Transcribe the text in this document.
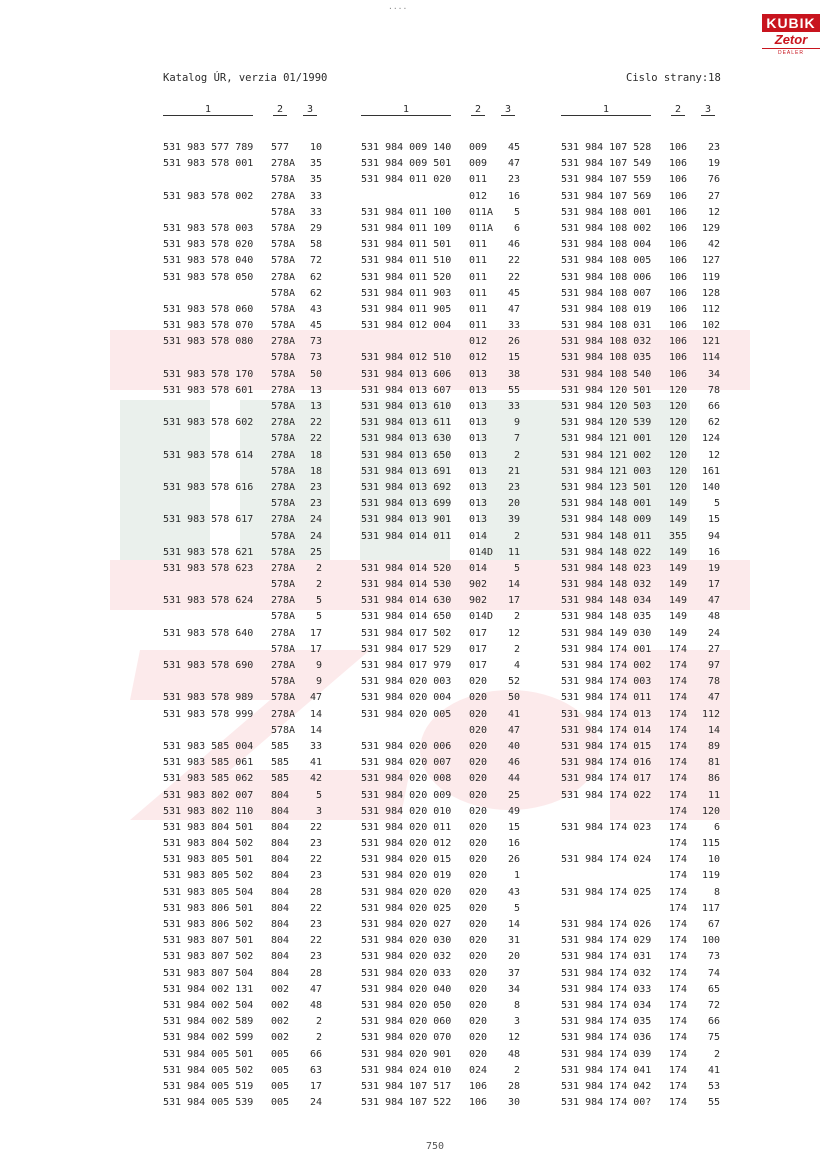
....
KUBIK
Zetor
DEALER
Katalog ÚR, verzia 01/1990	Cislo strany:18
1	2	3
531 983 577 789 577	10
531 983 578 001 278A	35
578A	35
531 983 578 002 278A	33
578A	33
531 983 578 003 578A	29
531 983 578 020 578A	58
531 983 578 040 578A	72
531 983 578 050 278A	62
578A	62
531 983 578 060 578A	43
531 983 578 070 578A	45
531 983 578 080 278A	73
578A	73
531 983 578 170 578A	50
531 983 578 601 278A	13
578A	13
531 983 578 602 278A	22
578A	22
531 983 578 614 278A	18
578A	18
531 983 578 616 278A	23
578A	23
531 983 578 617 278A	24
578A	24
531 983 578 621 578A	25
531 983 578 623 278A	2
578A	2
531 983 578 624 278A	5
578A	5
531 983 578 640 278A	17
578A	17
531 983 578 690 278A	9
578A	9
531 983 578 989 578A	47
531 983 578 999 278A	14
578A	14
531 983 585 004 585	33
531 983 585 061 585	41
531 983 585 062 585	42
531 983 802 007 804	5
531 983 802 110 804	3
531 983 804 501 804	22
531 983 804 502 804	23
531 983 805 501 804	22
531 983 805 502 804	23
531 983 805 504 804	28
531 983 806 501 804	22
531 983 806 502 804	23
531 983 807 501 804	22
531 983 807 502 804	23
531 983 807 504 804	28
531 984 002 131 002	47
531 984 002 504 002	48
531 984 002 589 002	2
531 984 002 599 002	2
531 984 005 501 005	66
531 984 005 502 005	63
531 984 005 519 005	17
531 984 005 539 005	24
1	2	3
531 984 009 140 009	45
531 984 009 501 009	47
531 984 011 020 011	23
012	16
531 984 011 100 011A	5
531 984 011 109 011A	6
531 984 011 501 011	46
531 984 011 510 011	22
531 984 011 520 011	22
531 984 011 903 011	45
531 984 011 905 011	47
531 984 012 004 011	33
012	26
531 984 012 510 012	15
531 984 013 606 013	38
531 984 013 607 013	55
531 984 013 610 013	33
531 984 013 611 013	9
531 984 013 630 013	7
531 984 013 650 013	2
531 984 013 691 013	21
531 984 013 692 013	23
531 984 013 699 013	20
531 984 013 901 013	39
531 984 014 011 014	2
014D	11
531 984 014 520 014	5
531 984 014 530 902	14
531 984 014 630 902	17
531 984 014 650 014D	2
531 984 017 502 017	12
531 984 017 529 017	2
531 984 017 979 017	4
531 984 020 003 020	52
531 984 020 004 020	50
531 984 020 005 020	41
020	47
531 984 020 006 020	40
531 984 020 007 020	46
531 984 020 008 020	44
531 984 020 009 020	25
531 984 020 010 020	49
531 984 020 011 020	15
531 984 020 012 020	16
531 984 020 015 020	26
531 984 020 019 020	1
531 984 020 020 020	43
531 984 020 025 020	5
531 984 020 027 020	14
531 984 020 030 020	31
531 984 020 032 020	20
531 984 020 033 020	37
531 984 020 040 020	34
531 984 020 050 020	8
531 984 020 060 020	3
531 984 020 070 020	12
531 984 020 901 020	48
531 984 024 010 024	2
531 984 107 517 106	28
531 984 107 522 106	30
1	2	3
531 984 107 528 106	23
531 984 107 549 106	19
531 984 107 559 106	76
531 984 107 569 106	27
531 984 108 001 106	12
531 984 108 002 106	129
531 984 108 004 106	42
531 984 108 005 106	127
531 984 108 006 106	119
531 984 108 007 106	128
531 984 108 019 106	112
531 984 108 031 106	102
531 984 108 032 106	121
531 984 108 035 106	114
531 984 108 540 106	34
531 984 120 501 120	78
531 984 120 503 120	66
531 984 120 539 120	62
531 984 121 001 120	124
531 984 121 002 120	12
531 984 121 003 120	161
531 984 123 501 120	140
531 984 148 001 149	5
531 984 148 009 149	15
531 984 148 011 355	94
531 984 148 022 149	16
531 984 148 023 149	19
531 984 148 032 149	17
531 984 148 034 149	47
531 984 148 035 149	48
531 984 149 030 149	24
531 984 174 001 174	27
531 984 174 002 174	97
531 984 174 003 174	78
531 984 174 011 174	47
531 984 174 013 174	112
531 984 174 014 174	14
531 984 174 015 174	89
531 984 174 016 174	81
531 984 174 017 174	86
531 984 174 022 174	11
174	120
531 984 174 023 174	6
174	115
531 984 174 024 174	10
174	119
531 984 174 025 174	8
174	117
531 984 174 026 174	67
531 984 174 029 174	100
531 984 174 031 174	73
531 984 174 032 174	74
531 984 174 033 174	65
531 984 174 034 174	72
531 984 174 035 174	66
531 984 174 036 174	75
531 984 174 039 174	2
531 984 174 041 174	41
531 984 174 042 174	53
531 984 174 00? 174	55
750
